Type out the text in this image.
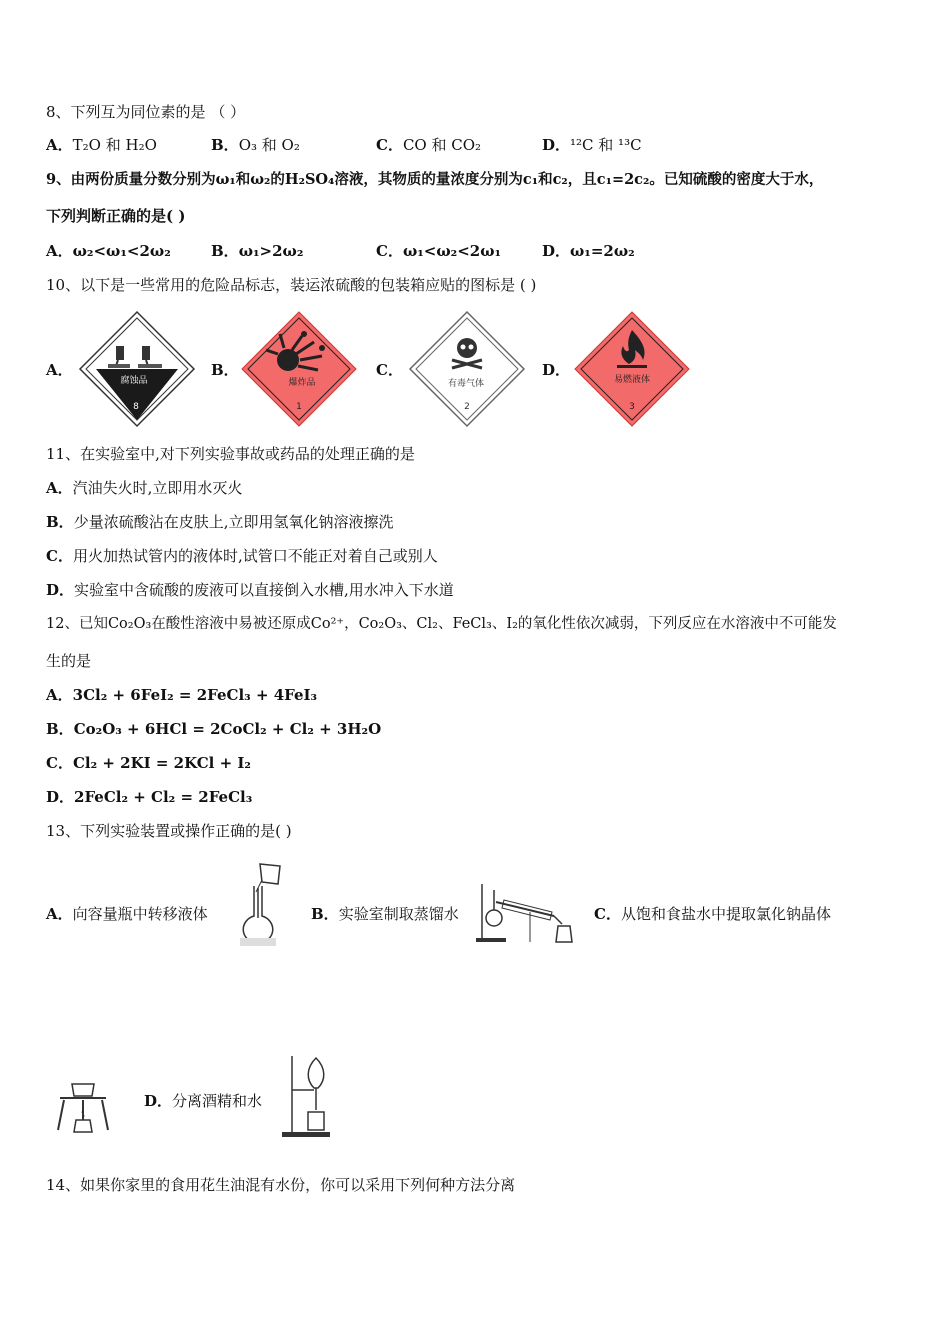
8、下列互为同位素的是 （ ）
A．T₂O 和 H₂O	B．O₃ 和 O₂	C．CO 和 CO₂	D．¹²C 和 ¹³C
9、由两份质量分数分别为ω₁和ω₂的H₂SO₄溶液，其物质的量浓度分别为c₁和c₂，且c₁=2c₂。已知硫酸的密度大于水，
下列判断正确的是( )
A．ω₂<ω₁<2ω₂	B．ω₁>2ω₂	C．ω₁<ω₂<2ω₁	D．ω₁=2ω₂
10、以下是一些常用的危险品标志，装运浓硫酸的包装箱应贴的图标是 ( )
A．
腐蚀品
8
B．
爆炸品
1
C．
有毒气体
2
D．
易燃液体
3
11、在实验室中,对下列实验事故或药品的处理正确的是
A．汽油失火时,立即用水灭火
B．少量浓硫酸沾在皮肤上,立即用氢氧化钠溶液擦洗
C．用火加热试管内的液体时,试管口不能正对着自己或别人
D．实验室中含硫酸的废液可以直接倒入水槽,用水冲入下水道
12、已知Co₂O₃在酸性溶液中易被还原成Co²⁺，Co₂O₃、Cl₂、FeCl₃、I₂的氧化性依次减弱，下列反应在水溶液中不可能发
生的是
A．3Cl₂ + 6FeI₂ = 2FeCl₃ + 4FeI₃
B．Co₂O₃ + 6HCl = 2CoCl₂ + Cl₂ + 3H₂O
C．Cl₂ + 2KI = 2KCl + I₂
D．2FeCl₂ + Cl₂ = 2FeCl₃
13、下列实验装置或操作正确的是( )
A．向容量瓶中转移液体	B．实验室制取蒸馏水	C．从饱和食盐水中提取氯化钠晶体
D．分离酒精和水
14、如果你家里的食用花生油混有水份，你可以采用下列何种方法分离
